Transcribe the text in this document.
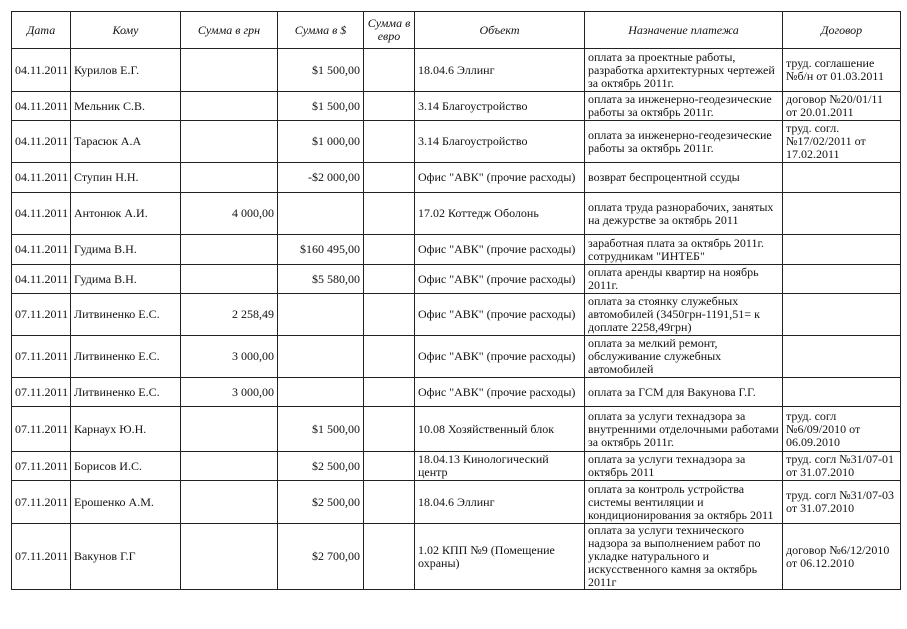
Дата	Кому	Сумма в грн	Сумма в $	Сумма в евро	Объект	Назначение платежа	Договор
04.11.2011	Курилов Е.Г.		$1 500,00		18.04.6 Эллинг	оплата за проектные работы, разработка архитектурных чертежей за октябрь 2011г.	труд. соглашение №б/н от 01.03.2011
04.11.2011	Мельник С.В.		$1 500,00		3.14 Благоустройство	оплата за инженерно-геодезические работы за октябрь 2011г.	договор №20/01/11 от 20.01.2011
04.11.2011	Тарасюк А.А		$1 000,00		3.14 Благоустройство	оплата за инженерно-геодезические работы за октябрь 2011г.	труд. согл. №17/02/2011 от 17.02.2011
04.11.2011	Ступин Н.Н.		-$2 000,00		Офис "АВК" (прочие расходы)	возврат беспроцентной ссуды	
04.11.2011	Антонюк А.И.	4 000,00			17.02 Коттедж Оболонь	оплата труда разнорабочих, занятых на дежурстве за октябрь 2011	
04.11.2011	Гудима В.Н.		$160 495,00		Офис "АВК" (прочие расходы)	заработная плата за октябрь 2011г. сотрудникам "ИНТЕБ"	
04.11.2011	Гудима В.Н.		$5 580,00		Офис "АВК" (прочие расходы)	оплата аренды квартир на ноябрь 2011г.	
07.11.2011	Литвиненко Е.С.	2 258,49			Офис "АВК" (прочие расходы)	оплата за стоянку служебных автомобилей (3450грн-1191,51= к доплате 2258,49грн)	
07.11.2011	Литвиненко Е.С.	3 000,00			Офис "АВК" (прочие расходы)	оплата за мелкий ремонт, обслуживание служебных автомобилей	
07.11.2011	Литвиненко Е.С.	3 000,00			Офис "АВК" (прочие расходы)	оплата за ГСМ для Вакунова Г.Г.	
07.11.2011	Карнаух Ю.Н.		$1 500,00		10.08 Хозяйственный блок	оплата за услуги технадзора за внутренними отделочными работами за октябрь 2011г.	труд. согл №6/09/2010 от 06.09.2010
07.11.2011	Борисов И.С.		$2 500,00		18.04.13 Кинологический центр	оплата за услуги технадзора за октябрь 2011	труд. согл №31/07-01 от 31.07.2010
07.11.2011	Ерошенко А.М.		$2 500,00		18.04.6 Эллинг	оплата за контроль устройства системы вентиляции и кондиционирования за октябрь 2011	труд. согл №31/07-03 от 31.07.2010
07.11.2011	Вакунов Г.Г		$2 700,00		1.02 КПП №9 (Помещение охраны)	оплата за услуги технического надзора за выполнением работ по укладке натурального и искусственного камня за октябрь 2011г	договор №6/12/2010 от 06.12.2010
